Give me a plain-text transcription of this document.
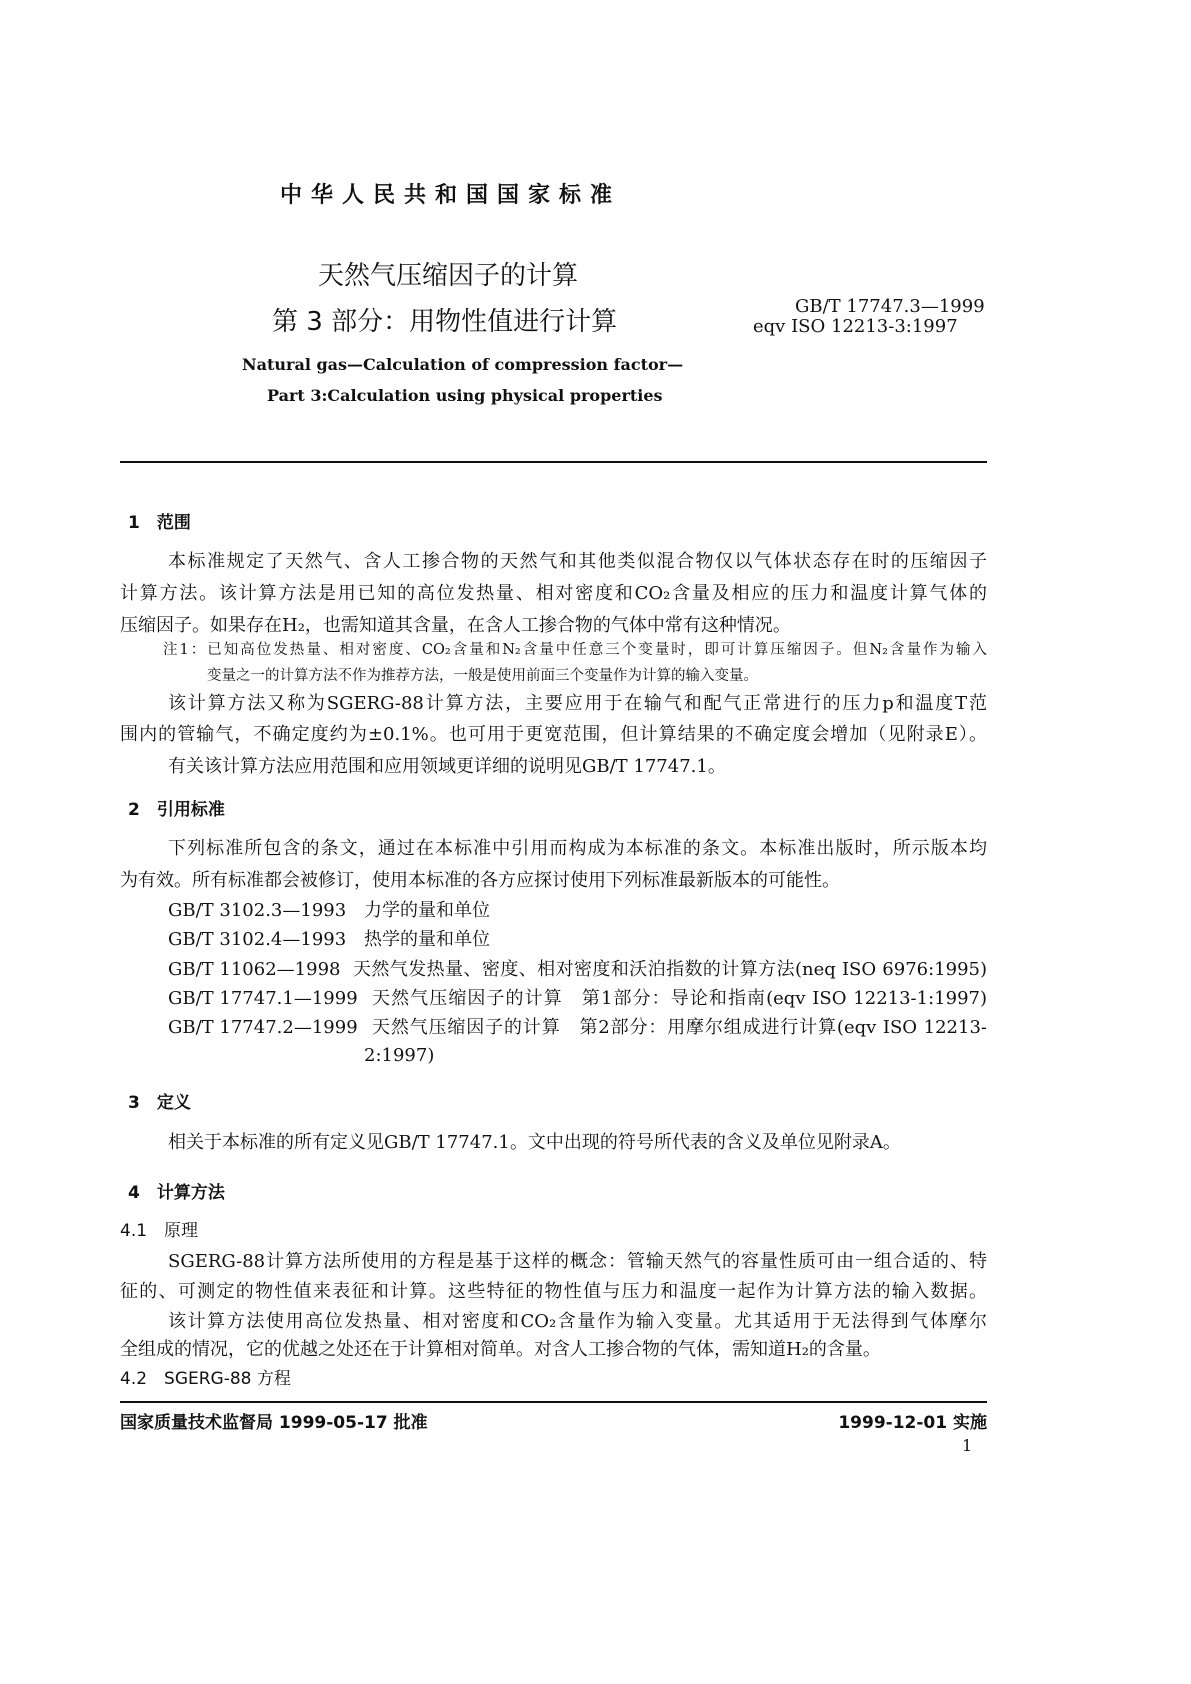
中华人民共和国国家标准
天然气压缩因子的计算
第 3 部分：用物性值进行计算
GB/T 17747.3—1999
eqv ISO 12213-3:1997
Natural gas—Calculation of compression factor—
Part 3:Calculation using physical properties
1　范围
本标准规定了天然气、含人工掺合物的天然气和其他类似混合物仅以气体状态存在时的压缩因子
计算方法。该计算方法是用已知的高位发热量、相对密度和CO₂含量及相应的压力和温度计算气体的
压缩因子。如果存在H₂，也需知道其含量，在含人工掺合物的气体中常有这种情况。
注1：已知高位发热量、相对密度、CO₂含量和N₂含量中任意三个变量时，即可计算压缩因子。但N₂含量作为输入
变量之一的计算方法不作为推荐方法，一般是使用前面三个变量作为计算的输入变量。
该计算方法又称为SGERG-88计算方法，主要应用于在输气和配气正常进行的压力p和温度T范
围内的管输气，不确定度约为±0.1%。也可用于更宽范围，但计算结果的不确定度会增加（见附录E）。
有关该计算方法应用范围和应用领域更详细的说明见GB/T 17747.1。
2　引用标准
下列标准所包含的条文，通过在本标准中引用而构成为本标准的条文。本标准出版时，所示版本均
为有效。所有标准都会被修订，使用本标准的各方应探讨使用下列标准最新版本的可能性。
GB/T 3102.3—1993 力学的量和单位
GB/T 3102.4—1993 热学的量和单位
GB/T 11062—1998 天然气发热量、密度、相对密度和沃泊指数的计算方法(neq ISO 6976:1995)
GB/T 17747.1—1999 天然气压缩因子的计算　第1部分：导论和指南(eqv ISO 12213-1:1997)
GB/T 17747.2—1999 天然气压缩因子的计算　第2部分：用摩尔组成进行计算(eqv ISO 12213-
2:1997)
3　定义
相关于本标准的所有定义见GB/T 17747.1。文中出现的符号所代表的含义及单位见附录A。
4　计算方法
4.1　原理
SGERG-88计算方法所使用的方程是基于这样的概念：管输天然气的容量性质可由一组合适的、特
征的、可测定的物性值来表征和计算。这些特征的物性值与压力和温度一起作为计算方法的输入数据。
该计算方法使用高位发热量、相对密度和CO₂含量作为输入变量。尤其适用于无法得到气体摩尔
全组成的情况，它的优越之处还在于计算相对简单。对含人工掺合物的气体，需知道H₂的含量。
4.2　SGERG-88 方程
国家质量技术监督局 1999-05-17 批准	1999-12-01 实施
1
